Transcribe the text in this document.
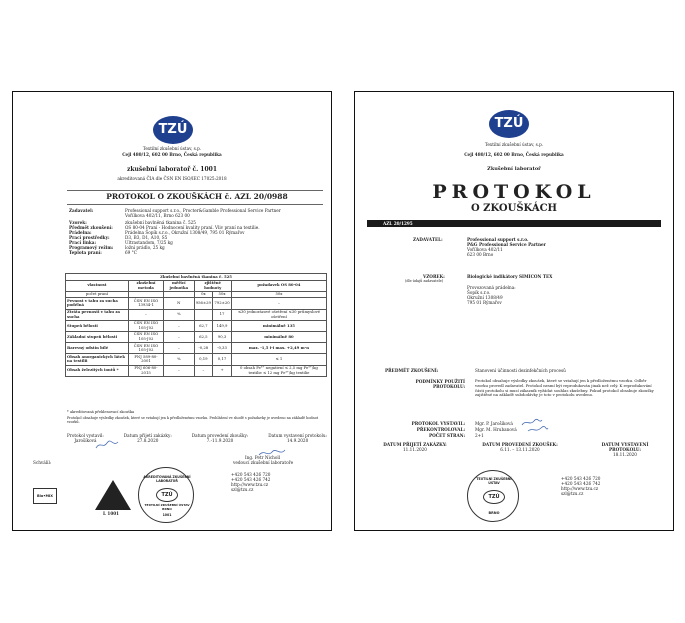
TZÚ
Textilní zkušební ústav, s.p.
Cejl 480/12, 602 00 Brno, Česká republika
zkušební laboratoř č. 1001
akreditovaná ČIA dle ČSN EN ISO/IEC 17025:2018
PROTOKOL O ZKOUŠKÁCH č. AZL 20/0988
Zadavatel:	Professional support s.r.o., Procter&Gamble Professional Service Partner
Vořílkova 402/11, Brno 623 00
Vzorek:	zkušební bavlněná tkanina č. 525
Předmět zkoušení:	OS 80-04 Praní - Hodnocení kvality praní. Vliv praní na textilie.
Prádelna:	Prádelna Šopík s.r.o., Okružní 1308/49, 795 01 Rýmařov
Prací prostředky:	D3, B3, D1, A10, S5
Prací linka:	Ultrastandom, 7/25 kg
Programový režim:	ložní prádlo, 25 kg
Teplota praní:	69 °C
Zkušební bavlněná tkanina č. 525					
vlastnost	zkušební metoda	měřicí jednotka	zjištěné hodnoty		požadavek OS 80-04
počet praní			0x	50x	50x
Pevnost v tahu za sucha podélná	ČSN EN ISO 13934-1	N	956±29	792±20	–
Ztráta pevnosti v tahu za sucha	–	%		17	≤30 jednorázové ošetření ≤30 průmyslové ošetření
Stupeň bělosti	ČSN EN ISO 105-J02	–	62,7	149,9	minimálně 135
Základní stupeň bělosti	ČSN EN ISO 105-J02	–	62,5	90,3	minimálně 80
Barevný odstín bílé	ČSN EN ISO 105-J02	–	-0,28	-0,33	max. -1,5 i-i max. +2,49 m-n
Obsah anorganických látek na textilii	PNJ 589-80-2001	%	0,19	0,17	≤ 1
Obsah železitých iontů *	PNJ 606-80-2015	–	–	+	0 obsah Fe³⁺ negativní ≤ 2,5 mg Fe³⁺/kg textilie ≤ 12 mg Fe³⁺/kg textilie
* akreditovaná překlenovací zkouška
Protokol obsahuje výsledky zkoušek, které se vztahují jen k předloženému vzorku. Prohlášení ve shodě s požadavky je uvedeno na základě hodnot vzorků.
Protokol vystavil:
Jarošíková
Datum přijetí zakázky:
27.8.2020
Datum provedení zkoušky:
7.-11.9.2020
Datum vystavení protokolu:
14.9.2020
Schválil:
Ing. Petr Nicholl
vedoucí zkušební laboratoře
Bio•MIX
L 1001
AKREDITOVANÁ ZKUŠEBNÍ LABORATOŘ
TZÚ
TEXTILNÍ ZKUŠEBNÍ ÚSTAV BRNO
1001
+420 543 426 720
+420 543 426 742
http://www.tzu.cz
szl@tzu.cz
TZÚ
Textilní zkušební ústav, s.p.
Cejl 480/12, 602 00 Brno, Česká republika
Zkušební laboratoř
PROTOKOL
O ZKOUŠKÁCH
AZL 20/1295
ZADAVATEL:	Professional support s.r.o.
P&G Professional Service Partner
Vořílkova 402/11
623 00 Brno
VZOREK:
(dle údajů zadavatele)
Biologické indikátory SIMICON TEX
Provozovaná prádelna:
Šopík s.r.o.
Okružní 1308/49
795 01 Rýmařov
PŘEDMĚT ZKOUŠENÍ:	Stanovení účinnosti dezinfekčních procesů
PODMÍNKY POUŽITÍ PROTOKOLU:
Protokol obsahuje výsledky zkoušek, které se vztahují jen k předloženému vzorku. Odběr vzorku provedl zadavatel. Protokol nesmí být reprodukován jinak než celý. K reprodukování části protokolu si musí zákazník vyžádat souhlas zkušebny. Pokud protokol obsahuje zkoušky zajištěné na základě subdodávky je toto v protokolu uvedeno.
PROTOKOL VYSTAVIL: Mgr. P. Jarošíková
PŘEKONTROLOVAL: Mgr. M. Hrubanová
POČET STRAN: 2+1
DATUM PŘIJETÍ ZAKÁZKY:
11.11.2020
DATUM PROVEDENÍ ZKOUŠEK:
6.11. – 13.11.2020
DATUM VYSTAVENÍ PROTOKOLU:
18.11.2020
TEXTILNÍ ZKUŠEBNÍ ÚSTAV
TZÚ
BRNO
+420 543 426 720
+420 543 426 742
http://www.tzu.cz
szl@tzu.cz
